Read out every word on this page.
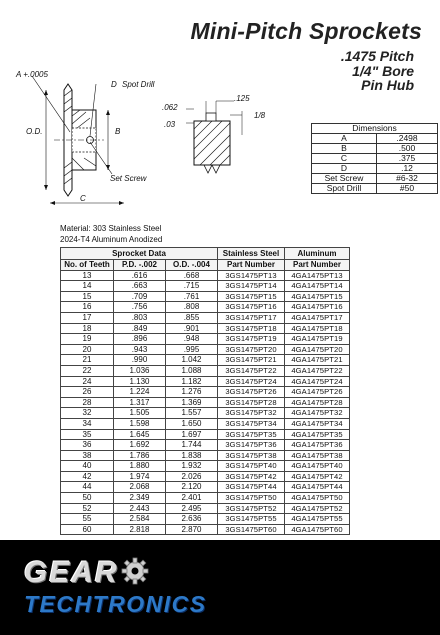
Mini-Pitch Sprockets
.1475 Pitch
1/4" Bore
Pin Hub
A +.0005
D Spot Drill
O.D.	B
Set Screw
C
.062
.03
.125
1/8
Dimensions	
A	.2498
B	.500
C	.375
D	.12
Set Screw	#6-32
Spot Drill	#50
Material: 303 Stainless Steel
2024-T4 Aluminum Anodized
Sprocket Data			Stainless Steel	Aluminum
No. of Teeth	P.D. -.002	O.D. -.004	Part Number	Part Number
13	.616	.668	3GS1475PT13	4GA1475PT13
14	.663	.715	3GS1475PT14	4GA1475PT14
15	.709	.761	3GS1475PT15	4GA1475PT15
16	.756	.808	3GS1475PT16	4GA1475PT16
17	.803	.855	3GS1475PT17	4GA1475PT17
18	.849	.901	3GS1475PT18	4GA1475PT18
19	.896	.948	3GS1475PT19	4GA1475PT19
20	.943	.995	3GS1475PT20	4GA1475PT20
21	.990	1.042	3GS1475PT21	4GA1475PT21
22	1.036	1.088	3GS1475PT22	4GA1475PT22
24	1.130	1.182	3GS1475PT24	4GA1475PT24
26	1.224	1.276	3GS1475PT26	4GA1475PT26
28	1.317	1.369	3GS1475PT28	4GA1475PT28
32	1.505	1.557	3GS1475PT32	4GA1475PT32
34	1.598	1.650	3GS1475PT34	4GA1475PT34
35	1.645	1.697	3GS1475PT35	4GA1475PT35
36	1.692	1.744	3GS1475PT36	4GA1475PT36
38	1.786	1.838	3GS1475PT38	4GA1475PT38
40	1.880	1.932	3GS1475PT40	4GA1475PT40
42	1.974	2.026	3GS1475PT42	4GA1475PT42
44	2.068	2.120	3GS1475PT44	4GA1475PT44
50	2.349	2.401	3GS1475PT50	4GA1475PT50
52	2.443	2.495	3GS1475PT52	4GA1475PT52
55	2.584	2.636	3GS1475PT55	4GA1475PT55
60	2.818	2.870	3GS1475PT60	4GA1475PT60
GEAR
TECHTRONICS
